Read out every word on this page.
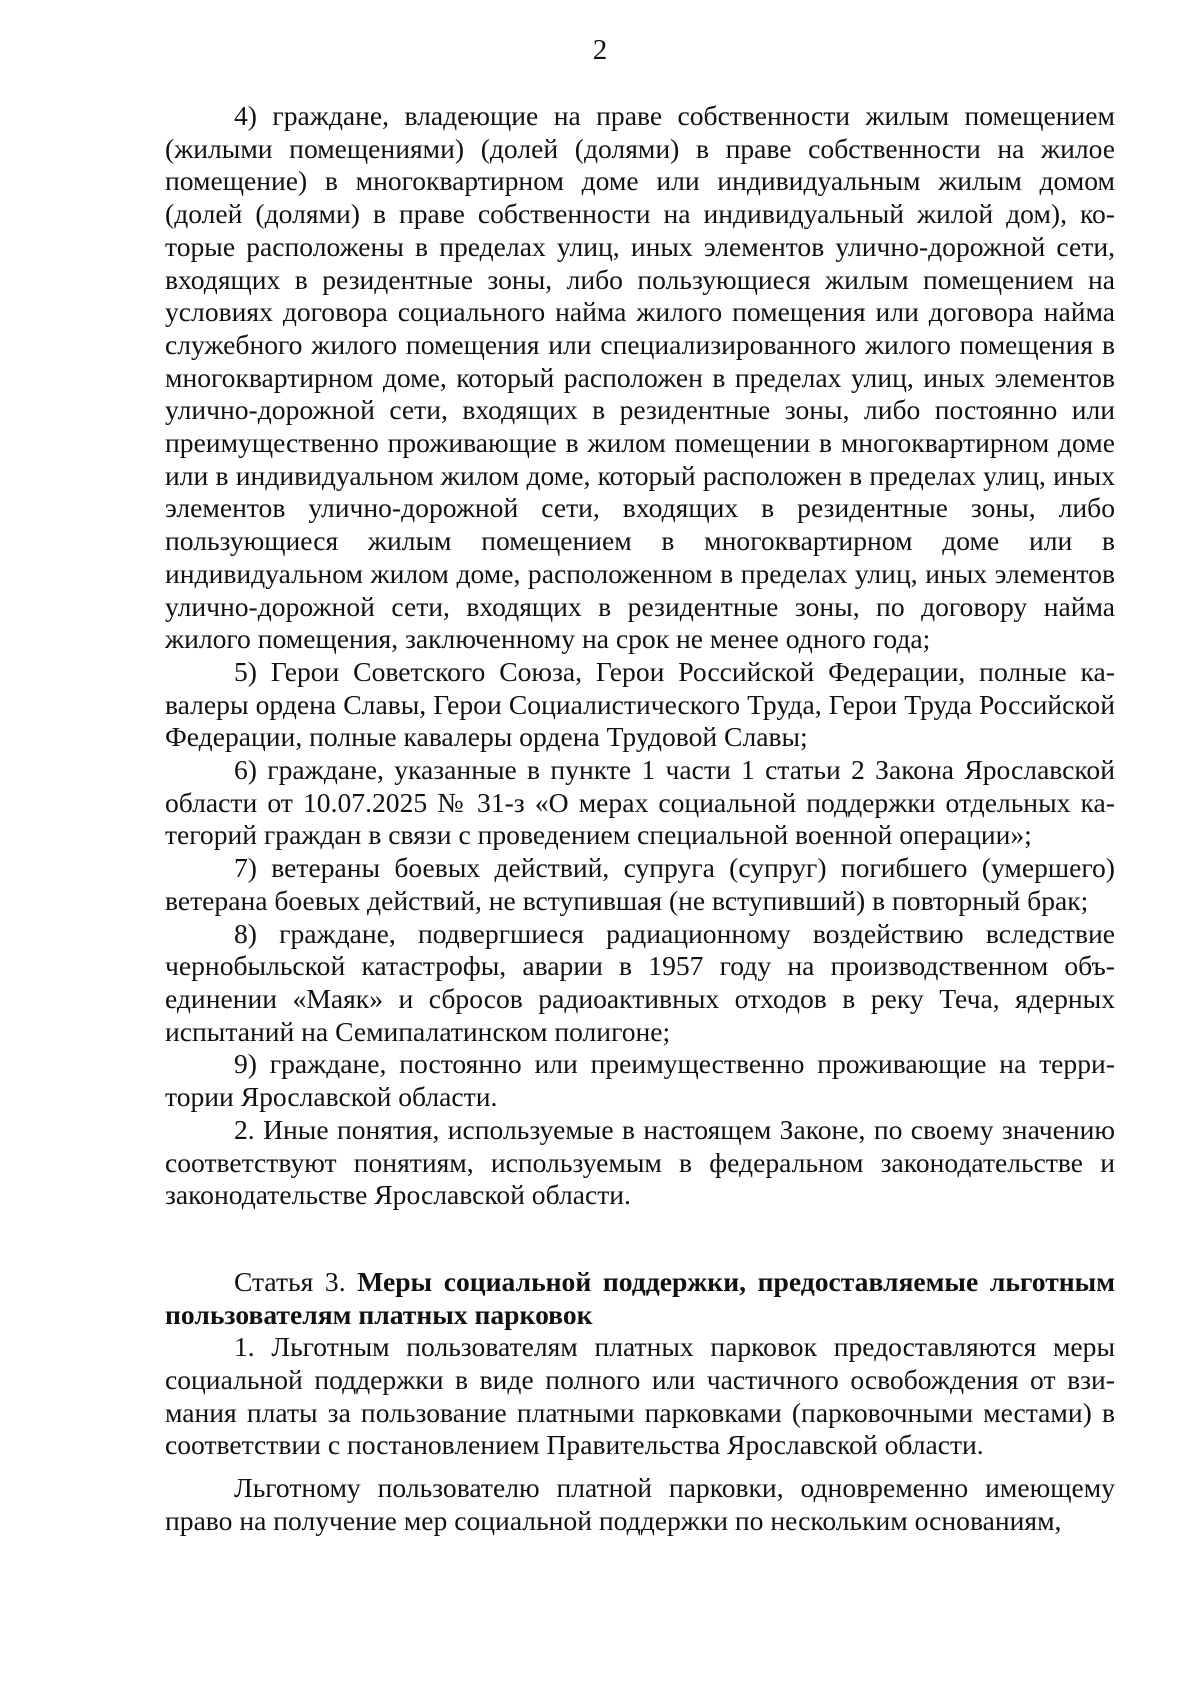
2

4) граждане, владеющие на праве собственности жилым помещением (жилыми помещениями) (долей (долями) в праве собственности на жилое помещение) в многоквартирном доме или индивидуальным жилым домом (долей (долями) в праве собственности на индивидуальный жилой дом), которые расположены в пределах улиц, иных элементов улично-дорожной сети, входящих в резидентные зоны, либо пользующиеся жилым помещением на условиях договора социального найма жилого помещения или договора найма служебного жилого помещения или специализированного жилого помещения в многоквартирном доме, который расположен в пределах улиц, иных элементов улично-дорожной сети, входящих в резидентные зоны, либо постоянно или преимущественно проживающие в жилом помещении в многоквартирном доме или в индивидуальном жилом доме, который расположен в пределах улиц, иных элементов улично-дорожной сети, входящих в резидентные зоны, либо пользующиеся жилым помещением в многоквартирном доме или в индивидуальном жилом доме, расположенном в пределах улиц, иных элементов улично-дорожной сети, входящих в резидентные зоны, по договору найма жилого помещения, заключенному на срок не менее одного года;

5) Герои Советского Союза, Герои Российской Федерации, полные кавалеры ордена Славы, Герои Социалистического Труда, Герои Труда Российской Федерации, полные кавалеры ордена Трудовой Славы;

6) граждане, указанные в пункте 1 части 1 статьи 2 Закона Ярославской области от 10.07.2025 № 31-з «О мерах социальной поддержки отдельных категорий граждан в связи с проведением специальной военной операции»;

7) ветераны боевых действий, супруга (супруг) погибшего (умершего) ветерана боевых действий, не вступившая (не вступивший) в повторный брак;

8) граждане, подвергшиеся радиационному воздействию вследствие чернобыльской катастрофы, аварии в 1957 году на производственном объединении «Маяк» и сбросов радиоактивных отходов в реку Теча, ядерных испытаний на Семипалатинском полигоне;

9) граждане, постоянно или преимущественно проживающие на территории Ярославской области.

2. Иные понятия, используемые в настоящем Законе, по своему значению соответствуют понятиям, используемым в федеральном законодательстве и законодательстве Ярославской области.

Статья 3. Меры социальной поддержки, предоставляемые льготным пользователям платных парковок

1. Льготным пользователям платных парковок предоставляются меры социальной поддержки в виде полного или частичного освобождения от взимания платы за пользование платными парковками (парковочными местами) в соответствии с постановлением Правительства Ярославской области.

Льготному пользователю платной парковки, одновременно имеющему право на получение мер социальной поддержки по нескольким основаниям,
